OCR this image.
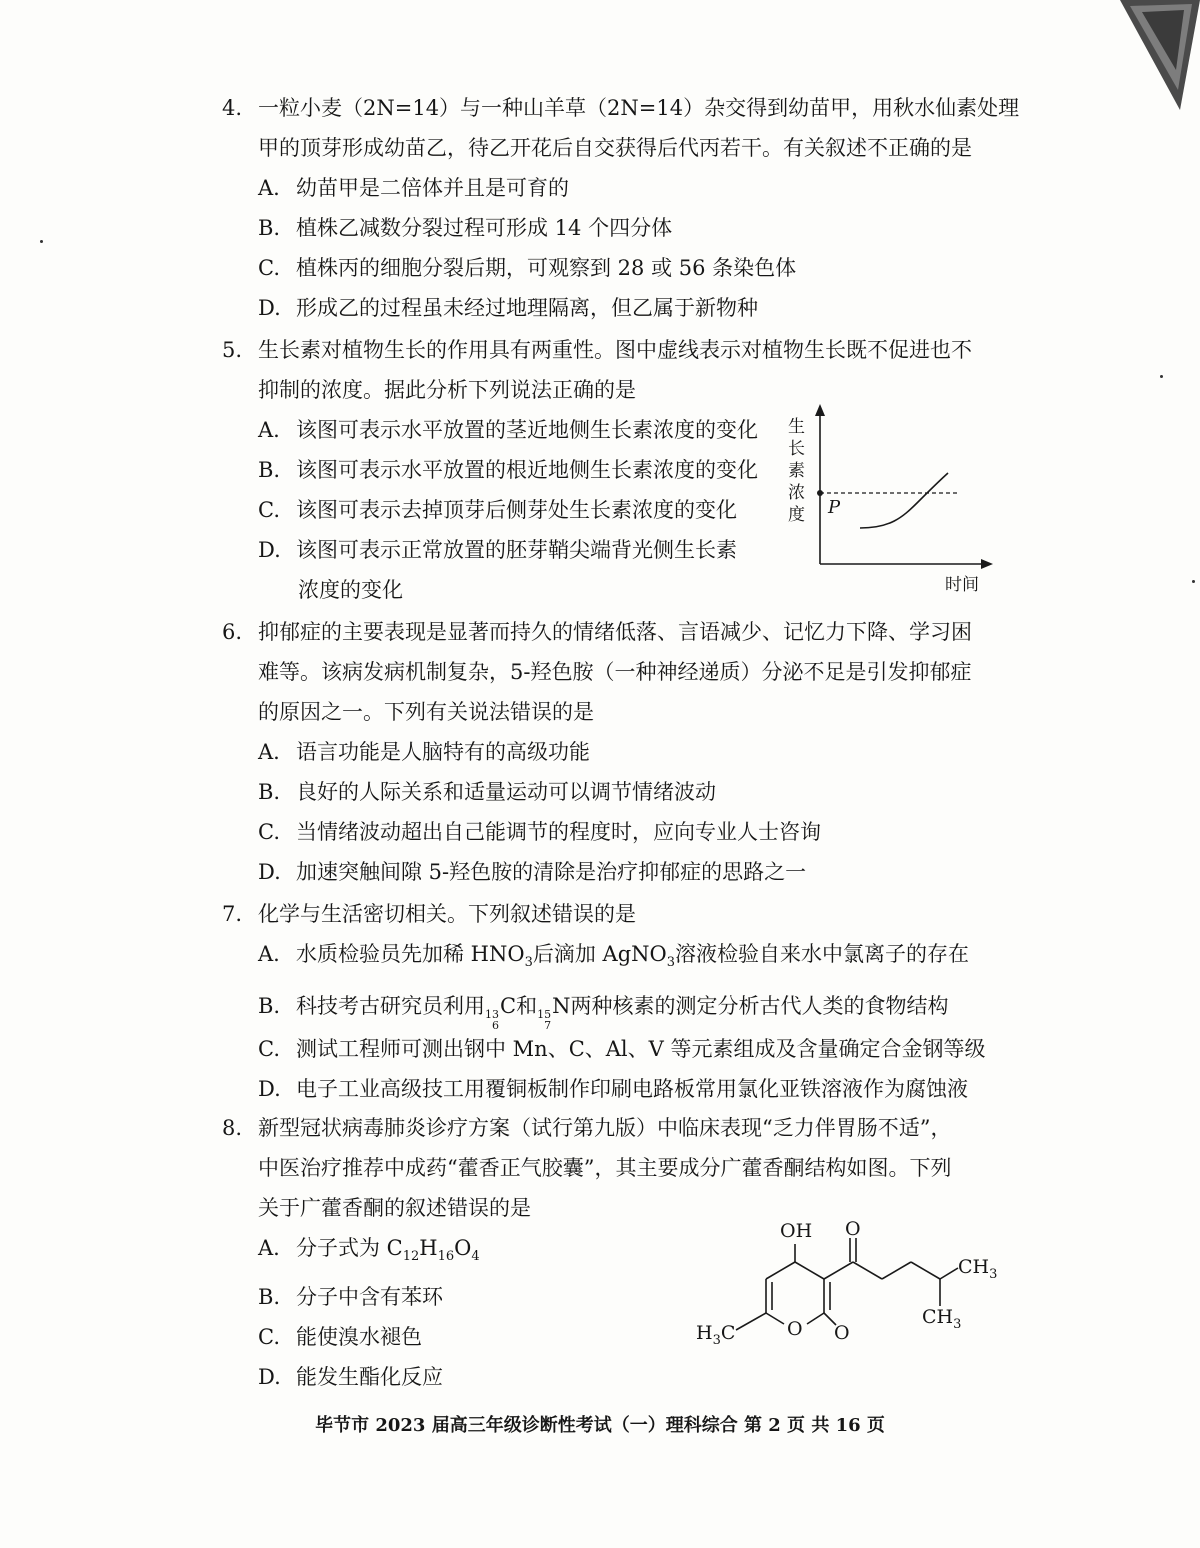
4. 一粒小麦（2N=14）与一种山羊草（2N=14）杂交得到幼苗甲，用秋水仙素处理
甲的顶芽形成幼苗乙，待乙开花后自交获得后代丙若干。有关叙述不正确的是
A. 幼苗甲是二倍体并且是可育的
B. 植株乙减数分裂过程可形成 14 个四分体
C. 植株丙的细胞分裂后期，可观察到 28 或 56 条染色体
D. 形成乙的过程虽未经过地理隔离，但乙属于新物种
5. 生长素对植物生长的作用具有两重性。图中虚线表示对植物生长既不促进也不
抑制的浓度。据此分析下列说法正确的是
A. 该图可表示水平放置的茎近地侧生长素浓度的变化
B. 该图可表示水平放置的根近地侧生长素浓度的变化
C. 该图可表示去掉顶芽后侧芽处生长素浓度的变化
D. 该图可表示正常放置的胚芽鞘尖端背光侧生长素
浓度的变化
生
长
素
浓
度 P
时间
6. 抑郁症的主要表现是显著而持久的情绪低落、言语减少、记忆力下降、学习困
难等。该病发病机制复杂，5-羟色胺（一种神经递质）分泌不足是引发抑郁症
的原因之一。下列有关说法错误的是
A. 语言功能是人脑特有的高级功能
B. 良好的人际关系和适量运动可以调节情绪波动
C. 当情绪波动超出自己能调节的程度时，应向专业人士咨询
D. 加速突触间隙 5-羟色胺的清除是治疗抑郁症的思路之一
7. 化学与生活密切相关。下列叙述错误的是
A. 水质检验员先加稀 $HNO_3$后滴加 AgNO$_3$溶液检验自来水中氯离子的存在
B. 科技考古研究员利用 13
6
C和 15
7
N两种核素的测定分析古代人类的食物结构
C. 测试工程师可测出钢中 Mn、C、Al、V 等元素组成及含量确定合金钢等级
D. 电子工业高级技工用覆铜板制作印刷电路板常用氯化亚铁溶液作为腐蚀液
8. 新型冠状病毒肺炎诊疗方案（试行第九版）中临床表现“乏力伴胃肠不适”，
中医治疗推荐中成药“藿香正气胶囊”，其主要成分广藿香酮结构如图。下列
关于广藿香酮的叙述错误的是
A. 分子式为 $C_{12}H_{16}O_4$
B. 分子中含有苯环
C. 能使溴水褪色
D. 能发生酯化反应
OH O
$CH_3$
$CH_3$
$H_3C$	O O
毕节市 2023 届高三年级诊断性考试（一）理科综合 第 2 页 共 16 页
